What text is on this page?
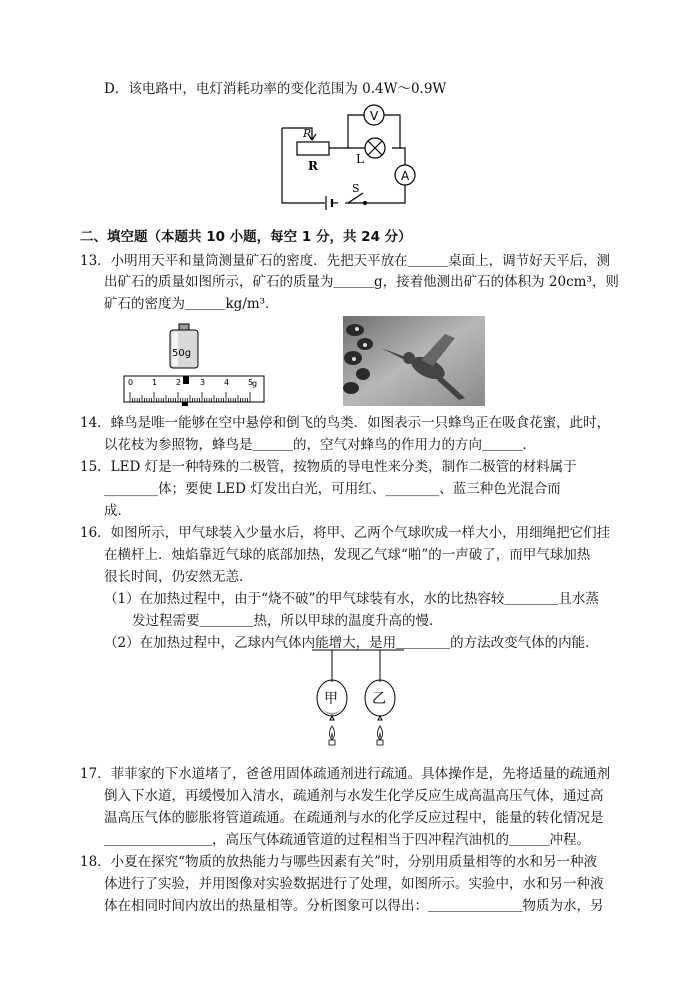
D．该电路中，电灯消耗功率的变化范围为 0.4W～0.9W
V
A
P
R	L
S
二、填空题（本题共 10 小题，每空 1 分，共 24 分）
13．小明用天平和量筒测量矿石的密度．先把天平放在＿＿＿桌面上，调节好天平后，测
出矿石的质量如图所示，矿石的质量为＿＿＿g，接着他测出矿石的体积为 20cm³，则
矿石的密度为＿＿＿kg/m³．
50g
0 1 2 3 4 5
g
14．蜂鸟是唯一能够在空中悬停和倒飞的鸟类．如图表示一只蜂鸟正在吸食花蜜，此时，
以花枝为参照物，蜂鸟是＿＿＿的，空气对蜂鸟的作用力的方向＿＿＿．
15．LED 灯是一种特殊的二极管，按物质的导电性来分类，制作二极管的材料属于
________体；要使 LED 灯发出白光，可用红、________、蓝三种色光混合而
成．
16．如图所示，甲气球装入少量水后，将甲、乙两个气球吹成一样大小，用细绳把它们挂
在横杆上．烛焰靠近气球的底部加热，发现乙气球“啪”的一声破了，而甲气球加热
很长时间，仍安然无恙．
（1）在加热过程中，由于“烧不破”的甲气球装有水，水的比热容较＿＿＿＿且水蒸
发过程需要＿＿＿＿热，所以甲球的温度升高的慢．
（2）在加热过程中，乙球内气体内能增大，是用＿＿＿＿的方法改变气体的内能．
甲 乙
17．菲菲家的下水道堵了，爸爸用固体疏通剂进行疏通。具体操作是，先将适量的疏通剂
倒入下水道，再缓慢加入清水，疏通剂与水发生化学反应生成高温高压气体，通过高
温高压气体的膨胀将管道疏通。在疏通剂与水的化学反应过程中，能量的转化情况是
＿＿＿＿＿＿＿＿，高压气体疏通管道的过程相当于四冲程汽油机的＿＿＿冲程。
18．小夏在探究“物质的放热能力与哪些因素有关”时，分别用质量相等的水和另一种液
体进行了实验，并用图像对实验数据进行了处理，如图所示。实验中，水和另一种液
体在相同时间内放出的热量相等。分析图象可以得出：＿＿＿＿＿＿＿物质为水，另
